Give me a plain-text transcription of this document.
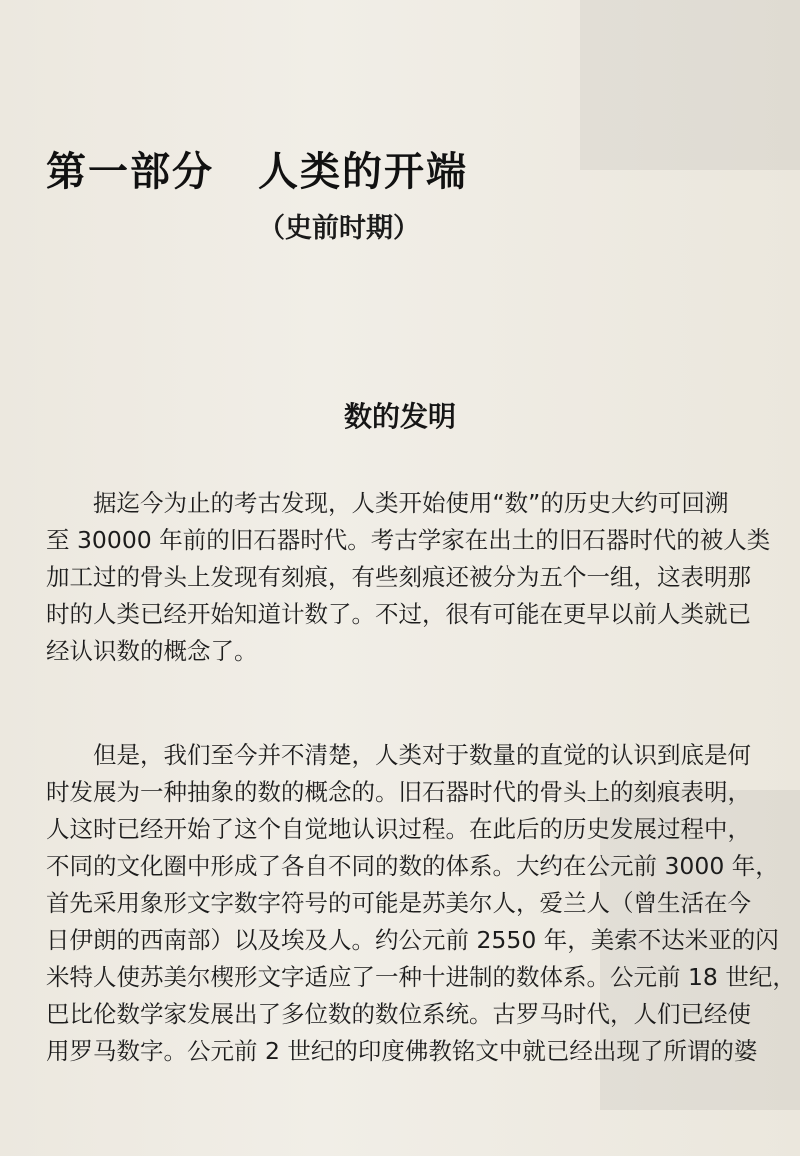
第一部分 人类的开端
（史前时期）
数的发明
　　据迄今为止的考古发现，人类开始使用“数”的历史大约可回溯
至 30000 年前的旧石器时代。考古学家在出土的旧石器时代的被人类
加工过的骨头上发现有刻痕，有些刻痕还被分为五个一组，这表明那
时的人类已经开始知道计数了。不过，很有可能在更早以前人类就已
经认识数的概念了。
　　但是，我们至今并不清楚，人类对于数量的直觉的认识到底是何
时发展为一种抽象的数的概念的。旧石器时代的骨头上的刻痕表明，
人这时已经开始了这个自觉地认识过程。在此后的历史发展过程中，
不同的文化圈中形成了各自不同的数的体系。大约在公元前 3000 年，
首先采用象形文字数字符号的可能是苏美尔人，爱兰人（曾生活在今
日伊朗的西南部）以及埃及人。约公元前 2550 年，美索不达米亚的闪
米特人使苏美尔楔形文字适应了一种十进制的数体系。公元前 18 世纪，
巴比伦数学家发展出了多位数的数位系统。古罗马时代，人们已经使
用罗马数字。公元前 2 世纪的印度佛教铭文中就已经出现了所谓的婆
